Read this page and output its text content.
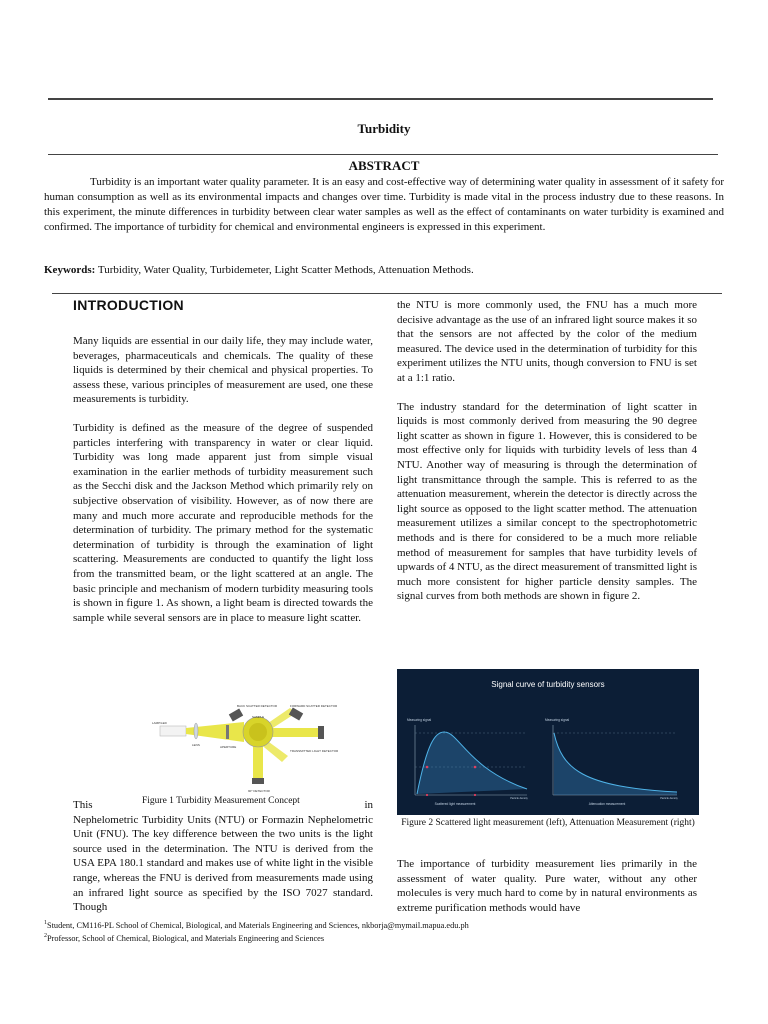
Turbidity
ABSTRACT
Turbidity is an important water quality parameter. It is an easy and cost-effective way of determining water quality in assessment of it safety for human consumption as well as its environmental impacts and changes over time. Turbidity is made vital in the process industry due to these reasons. In this experiment, the minute differences in turbidity between clear water samples as well as the effect of contaminants on water turbidity is examined and confirmed. The importance of turbidity for chemical and environmental engineers is expressed in this experiment.
Keywords: Turbidity, Water Quality, Turbidemeter, Light Scatter Methods, Attenuation Methods.
INTRODUCTION

Many liquids are essential in our daily life, they may include water, beverages, pharmaceuticals and chemicals. The quality of these liquids is determined by their chemical and physical properties. To assess these, various principles of measurement are used, one these measurements is turbidity.

Turbidity is defined as the measure of the degree of suspended particles interfering with transparency in water or clear liquid. Turbidity was long made apparent just from simple visual examination in the earlier methods of turbidity measurement such as the Secchi disk and the Jackson Method which primarily rely on subjective observation of visibility. However, as of now there are many and much more accurate and reproducible methods for the determination of turbidity. The primary method for the systematic determination of turbidity is through the examination of light scattering. Measurements are conducted to quantify the light loss from the transmitted beam, or the light scattered at an angle. The basic principle and mechanism of modern turbidity measuring tools is shown in figure 1. As shown, a light beam is directed towards the sample while several sensors are in place to measure light scatter.

BACK SCATTER DETECTOR	FORWARD SCATTER DETECTOR
LAMP/LED
LENS	APERTURE
SAMPLE
TRANSMITTED LIGHT DETECTOR
90° DETECTOR
This	in
Nephelometric Turbidity Units (NTU) or Formazin Nephelometric Unit (FNU). The key difference between the two units is the light source used in the determination. The NTU is derived from the USA EPA 180.1 standard and makes use of white light in the visible range, whereas the FNU is derived from measurements made using an infrared light source as specified by the ISO 7027 standard. Though
Figure 1 Turbidity Measurement Concept

the NTU is more commonly used, the FNU has a much more decisive advantage as the use of an infrared light source makes it so that the sensors are not affected by the color of the medium measured. The device used in the determination of turbidity for this experiment utilizes the NTU units, though conversion to FNU is set at a 1:1 ratio.

The industry standard for the determination of light scatter in liquids is most commonly derived from measuring the 90 degree light scatter as shown in figure 1. However, this is considered to be most effective only for liquids with turbidity levels of less than 4 NTU. Another way of measuring is through the determination of light transmittance through the sample. This is referred to as the attenuation measurement, wherein the detector is directly across the light source as opposed to the light scatter method. The attenuation measurement utilizes a similar concept to the spectrophotometric methods and is there for considered to be a much more reliable method of measurement for samples that have turbidity levels of upwards of 4 NTU, as the direct measurement of transmitted light is much more consistent for higher particle density samples. The signal curves from both methods are shown in figure 2.

Signal curve of turbidity sensors
Measuring signal
Scattered light measurement
Particle density
Measuring signal
Attenuation measurement
Particle density
Figure 2 Scattered light measurement (left), Attenuation Measurement (right)
The importance of turbidity measurement lies primarily in the assessment of water quality. Pure water, without any other molecules is very much hard to come by in natural environments as extreme purification methods would have
$^1$Student, CM116-PL School of Chemical, Biological, and Materials Engineering and Sciences, nkborja@mymail.mapua.edu.ph
$^2$Professor, School of Chemical, Biological, and Materials Engineering and Sciences
